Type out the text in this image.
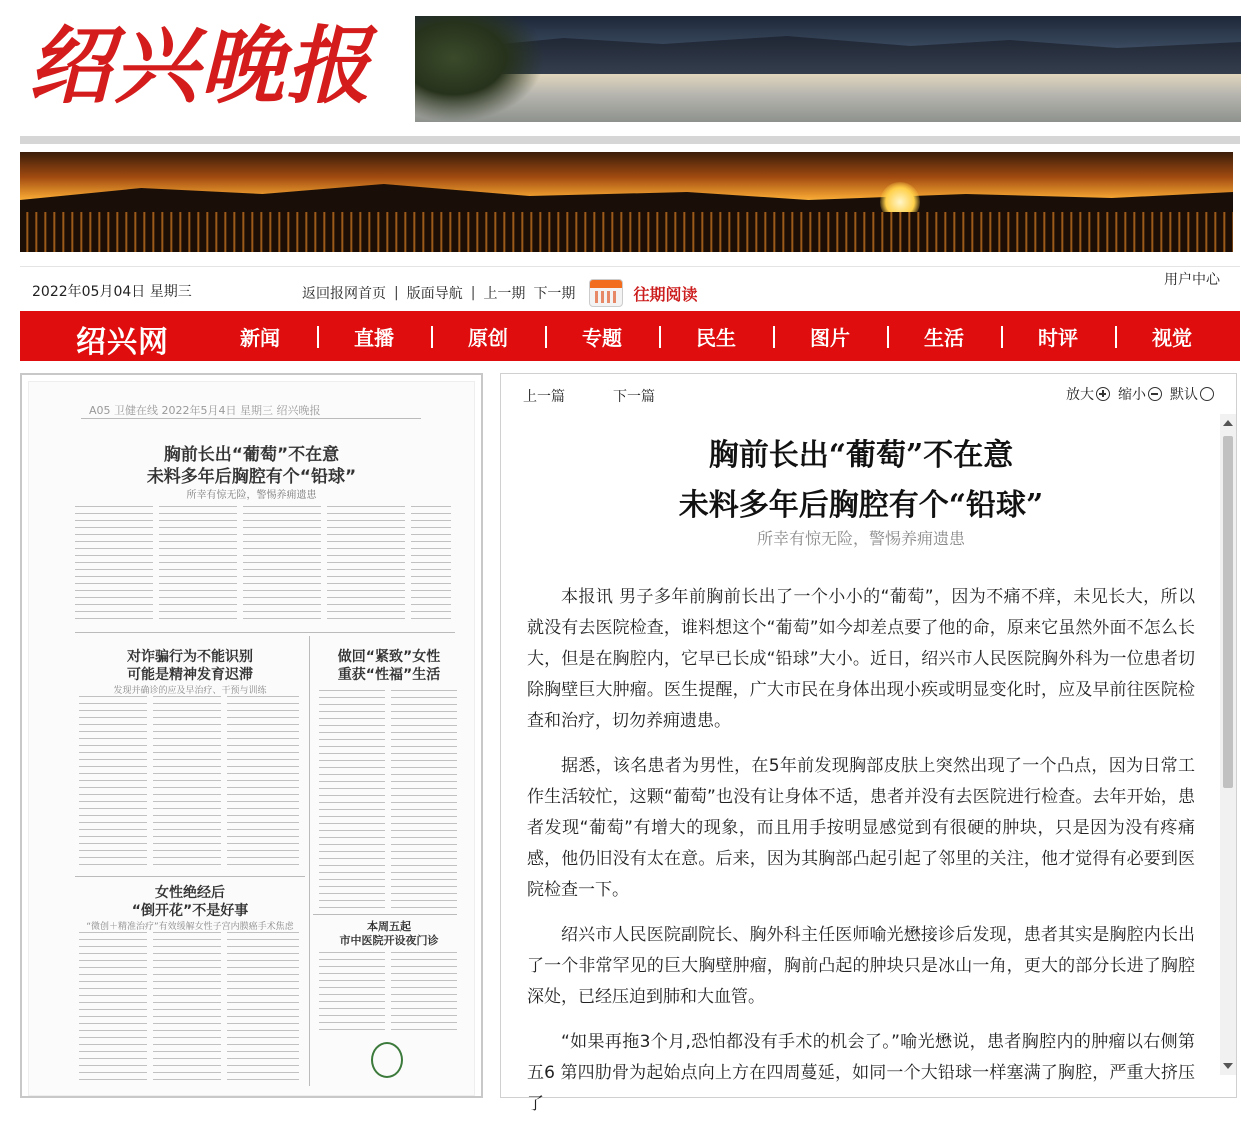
绍兴晚报
2022年05月04日 星期三	返回报网首页 | 版面导航 | 上一期 下一期	往期阅读
用户中心
绍兴网	新闻	直播	原创	专题	民生	图片	生活	时评	视觉
A05 卫健在线 2022年5月4日 星期三 绍兴晚报
胸前长出“葡萄”不在意
未料多年后胸腔有个“铅球”
所幸有惊无险，警惕养痈遗患
对诈骗行为不能识别
可能是精神发育迟滞
发现并确诊的应及早治疗、干预与训练
做回“紧致”女性
重获“性福”生活
女性绝经后
“倒开花”不是好事
“微创＋精准治疗”有效缓解女性子宫内膜癌手术焦虑	本周五起
市中医院开设夜门诊
上一篇	下一篇	放大 缩小 默认
胸前长出“葡萄”不在意
未料多年后胸腔有个“铅球”
所幸有惊无险，警惕养痈遗患

本报讯 男子多年前胸前长出了一个小小的“葡萄”，因为不痛不痒，未见长大，所以就没有去医院检查，谁料想这个“葡萄”如今却差点要了他的命，原来它虽然外面不怎么长大，但是在胸腔内，它早已长成“铅球”大小。近日，绍兴市人民医院胸外科为一位患者切除胸壁巨大肿瘤。医生提醒，广大市民在身体出现小疾或明显变化时，应及早前往医院检查和治疗，切勿养痈遗患。

据悉，该名患者为男性，在5年前发现胸部皮肤上突然出现了一个凸点，因为日常工作生活较忙，这颗“葡萄”也没有让身体不适，患者并没有去医院进行检查。去年开始，患者发现“葡萄”有增大的现象，而且用手按明显感觉到有很硬的肿块，只是因为没有疼痛感，他仍旧没有太在意。后来，因为其胸部凸起引起了邻里的关注，他才觉得有必要到医院检查一下。

绍兴市人民医院副院长、胸外科主任医师喻光懋接诊后发现，患者其实是胸腔内长出了一个非常罕见的巨大胸壁肿瘤，胸前凸起的肿块只是冰山一角，更大的部分长进了胸腔深处，已经压迫到肺和大血管。

“如果再拖3个月,恐怕都没有手术的机会了。”喻光懋说，患者胸腔内的肿瘤以右侧第五6 第四肋骨为起始点向上方在四周蔓延，如同一个大铅球一样塞满了胸腔，严重大挤压了
